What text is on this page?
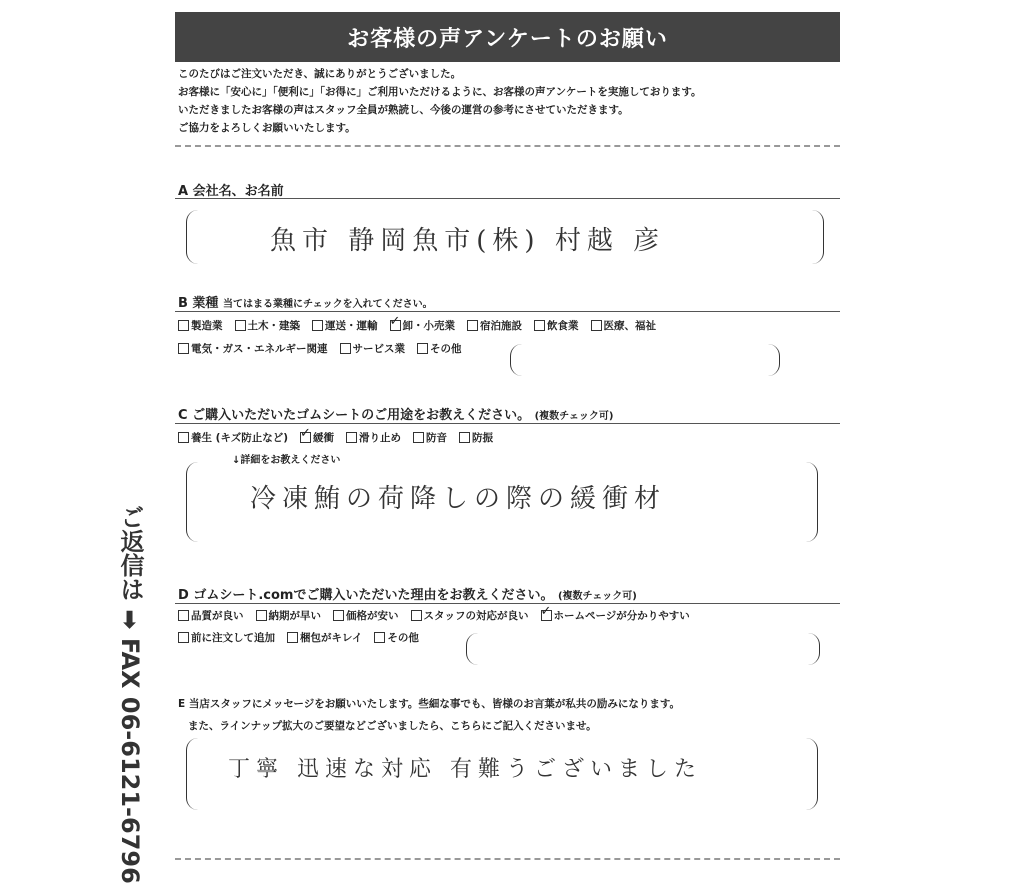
お客様の声アンケートのお願い
このたびはご注文いただき、誠にありがとうございました。
お客様に「安心に」「便利に」「お得に」ご利用いただけるように、お客様の声アンケートを実施しております。
いただきましたお客様の声はスタッフ全員が熟読し、今後の運営の参考にさせていただきます。
ご協力をよろしくお願いいたします。
A 会社名、お名前
魚市 静岡魚市(株) 村越 彦
B 業種 当てはまる業種にチェックを入れてください。
製造業 土木・建築 運送・運輸 ✓ 卸・小売業 宿泊施設 飲食業 医療、福祉
電気・ガス・エネルギー関連 サービス業 その他
C ご購入いただいたゴムシートのご用途をお教えください。 (複数チェック可)
養生 (キズ防止など) ✓ 緩衝 滑り止め 防音 防振
↓詳細をお教えください
冷凍鮪の荷降しの際の緩衝材
D ゴムシート.comでご購入いただいた理由をお教えください。 (複数チェック可)
品質が良い 納期が早い 価格が安い スタッフの対応が良い ✓ ホームページが分かりやすい
前に注文して追加 梱包がキレイ その他
E 当店スタッフにメッセージをお願いいたします。些細な事でも、皆様のお言葉が私共の励みになります。
また、ラインナップ拡大のご要望などございましたら、こちらにご記入くださいませ。
丁寧 迅速な対応 有難うございました
ご返信は ➡ FAX 06-6121-6796
